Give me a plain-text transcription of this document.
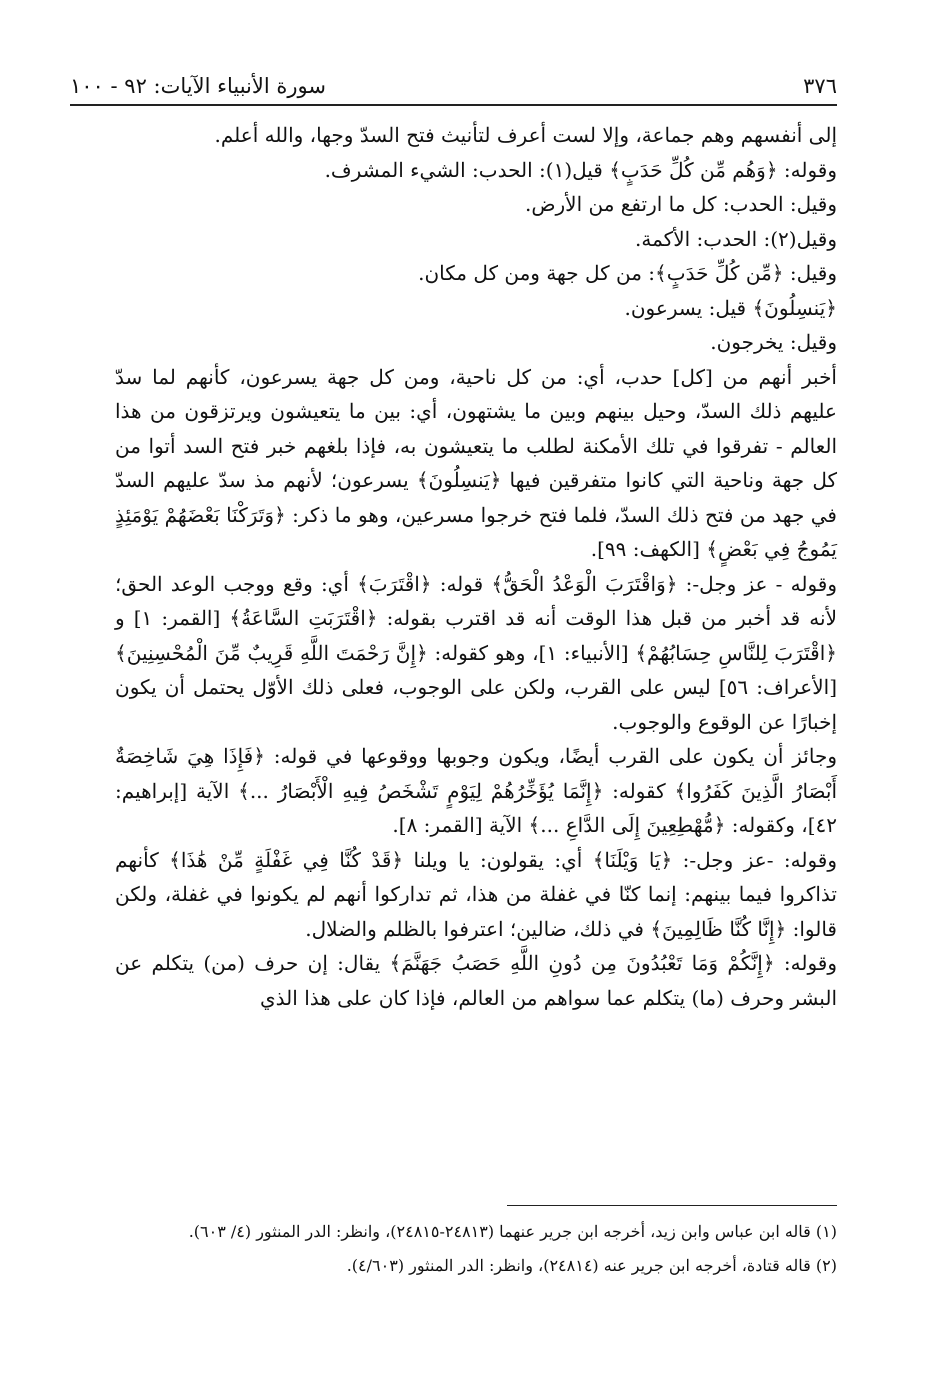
٣٧٦
سورة الأنبياء الآيات: ٩٢ - ١٠٠

إلى أنفسهم وهم جماعة، وإلا لست أعرف لتأنيث فتح السدّ وجها، والله أعلم.

وقوله: ﴿وَهُم مِّن كُلِّ حَدَبٍ﴾ قيل(١): الحدب: الشيء المشرف.

وقيل: الحدب: كل ما ارتفع من الأرض.

وقيل(٢): الحدب: الأكمة.

وقيل: ﴿مِّن كُلِّ حَدَبٍ﴾: من كل جهة ومن كل مكان.

﴿يَنسِلُونَ﴾ قيل: يسرعون.

وقيل: يخرجون.

أخبر أنهم من [كل] حدب، أي: من كل ناحية، ومن كل جهة يسرعون، كأنهم لما سدّ عليهم ذلك السدّ، وحيل بينهم وبين ما يشتهون، أي: بين ما يتعيشون ويرتزقون من هذا العالم - تفرقوا في تلك الأمكنة لطلب ما يتعيشون به، فإذا بلغهم خبر فتح السد أتوا من كل جهة وناحية التي كانوا متفرقين فيها ﴿يَنسِلُونَ﴾ يسرعون؛ لأنهم مذ سدّ عليهم السدّ في جهد من فتح ذلك السدّ، فلما فتح خرجوا مسرعين، وهو ما ذكر: ﴿وَتَرَكْنَا بَعْضَهُمْ يَوْمَئِذٍ يَمُوجُ فِي بَعْضٍ﴾ [الكهف: ٩٩].

وقوله - عز وجل-: ﴿وَاقْتَرَبَ الْوَعْدُ الْحَقُّ﴾ قوله: ﴿اقْتَرَبَ﴾ أي: وقع ووجب الوعد الحق؛ لأنه قد أخبر من قبل هذا الوقت أنه قد اقترب بقوله: ﴿اقْتَرَبَتِ السَّاعَةُ﴾ [القمر: ١] و ﴿اقْتَرَبَ لِلنَّاسِ حِسَابُهُمْ﴾ [الأنبياء: ١]، وهو كقوله: ﴿إِنَّ رَحْمَتَ اللَّهِ قَرِيبٌ مِّنَ الْمُحْسِنِينَ﴾ [الأعراف: ٥٦] ليس على القرب، ولكن على الوجوب، فعلى ذلك الأوّل يحتمل أن يكون إخبارًا عن الوقوع والوجوب.

وجائز أن يكون على القرب أيضًا، ويكون وجوبها ووقوعها في قوله: ﴿فَإِذَا هِيَ شَاخِصَةٌ أَبْصَارُ الَّذِينَ كَفَرُوا﴾ كقوله: ﴿إِنَّمَا يُؤَخِّرُهُمْ لِيَوْمٍ تَشْخَصُ فِيهِ الْأَبْصَارُ ...﴾ الآية [إبراهيم: ٤٢]، وكقوله: ﴿مُّهْطِعِينَ إِلَى الدَّاعِ ...﴾ الآية [القمر: ٨].

وقوله: -عز وجل-: ﴿يَا وَيْلَنَا﴾ أي: يقولون: يا ويلنا ﴿قَدْ كُنَّا فِي غَفْلَةٍ مِّنْ هَٰذَا﴾ كأنهم تذاكروا فيما بينهم: إنما كنّا في غفلة من هذا، ثم تداركوا أنهم لم يكونوا في غفلة، ولكن قالوا: ﴿إِنَّا كُنَّا ظَالِمِينَ﴾ في ذلك، ضالين؛ اعترفوا بالظلم والضلال.

وقوله: ﴿إِنَّكُمْ وَمَا تَعْبُدُونَ مِن دُونِ اللَّهِ حَصَبُ جَهَنَّمَ﴾ يقال: إن حرف (من) يتكلم عن البشر وحرف (ما) يتكلم عما سواهم من العالم، فإذا كان على هذا الذي

(١) قاله ابن عباس وابن زيد، أخرجه ابن جرير عنهما (٢٤٨١٣-٢٤٨١٥)، وانظر: الدر المنثور (٤/ ٦٠٣).

(٢) قاله قتادة، أخرجه ابن جرير عنه (٢٤٨١٤)، وانظر: الدر المنثور (٤/٦٠٣).
